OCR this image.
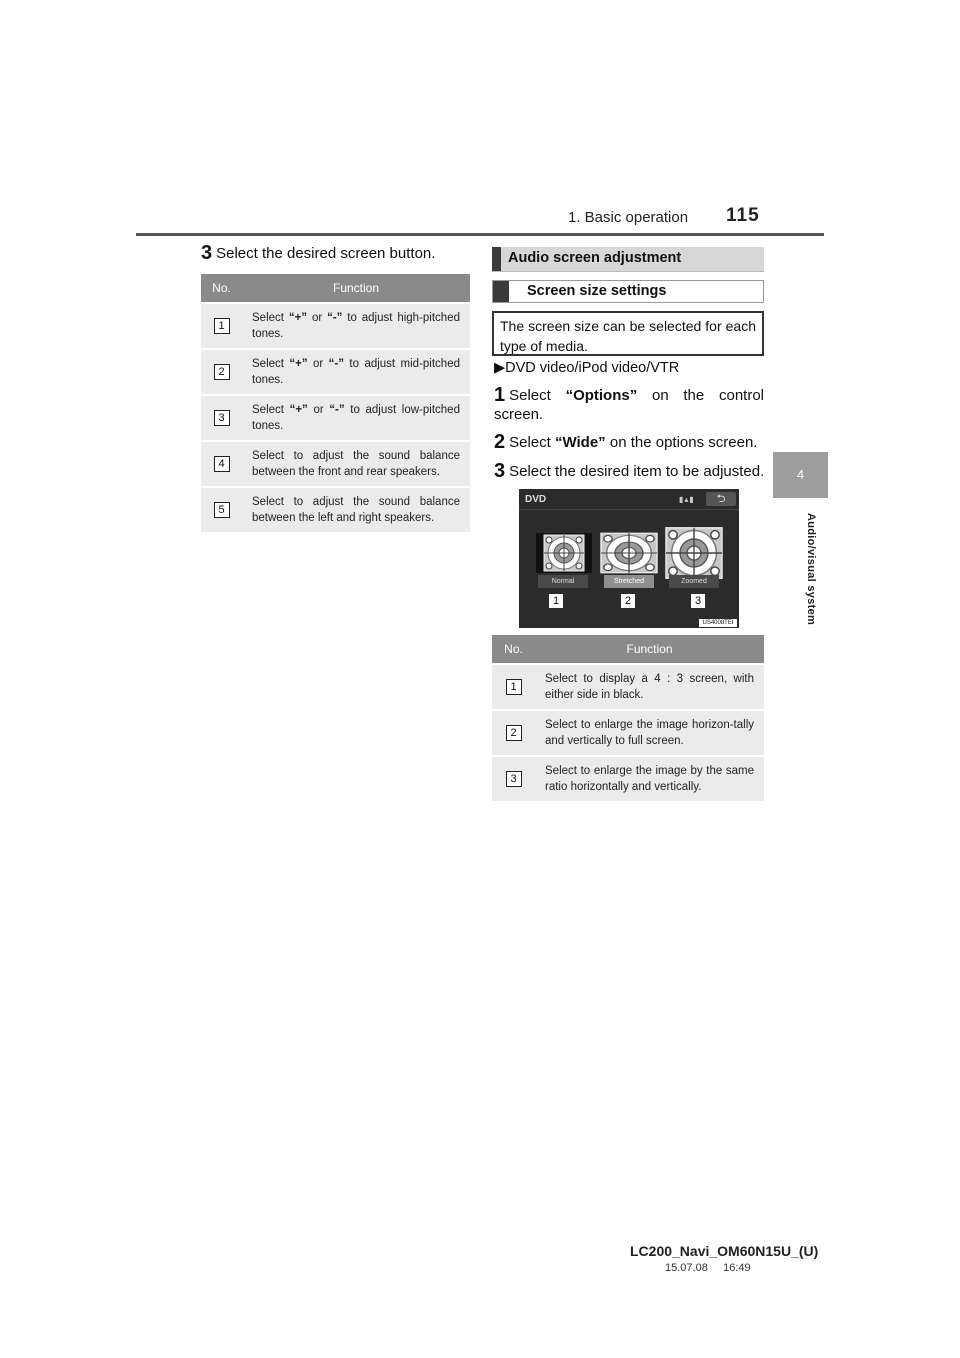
1. Basic operation 115
4
Audio/visual system
3 Select the desired screen button.
No.	Function
1	Select “+” or “-” to adjust high-pitched tones.
2	Select “+” or “-” to adjust mid-pitched tones.
3	Select “+” or “-” to adjust low-pitched tones.
4	Select to adjust the sound balance between the front and rear speakers.
5	Select to adjust the sound balance between the left and right speakers.
Audio screen adjustment
Screen size settings
The screen size can be selected for each type of media.
▶DVD video/iPod video/VTR
1 Select “Options” on the control screen.
2 Select “Wide” on the options screen.
3 Select the desired item to be adjusted.
DVD	▮▴▮	⮌
Normal	Stretched	Zoomed
1	2	3
US4008TEI
No.	Function
1	Select to display a 4 : 3 screen, with either side in black.
2	Select to enlarge the image horizon-tally and vertically to full screen.
3	Select to enlarge the image by the same ratio horizontally and vertically.
LC200_Navi_OM60N15U_(U)
15.07.08     16:49
